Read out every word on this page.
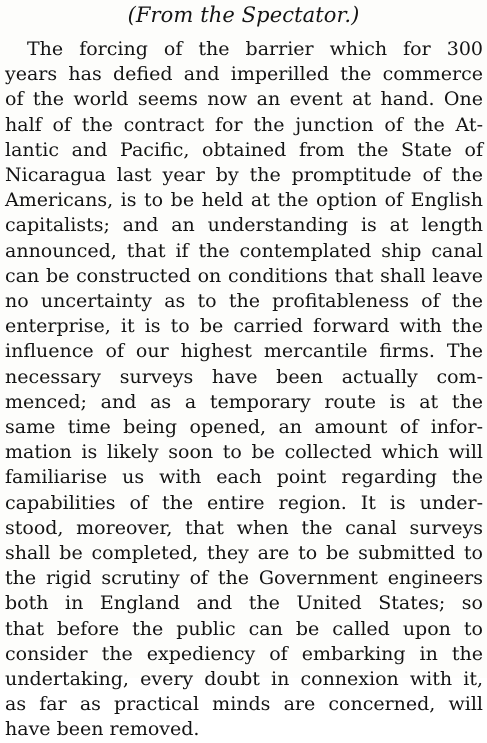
(From the Spectator.)
The forcing of the barrier which for 300
years has defied and imperilled the commerce
of the world seems now an event at hand. One
half of the contract for the junction of the At-
lantic and Pacific, obtained from the State of
Nicaragua last year by the promptitude of the
Americans, is to be held at the option of English
capitalists; and an understanding is at length
announced, that if the contemplated ship canal
can be constructed on conditions that shall leave
no uncertainty as to the profitableness of the
enterprise, it is to be carried forward with the
influence of our highest mercantile firms. The
necessary surveys have been actually com-
menced; and as a temporary route is at the
same time being opened, an amount of infor-
mation is likely soon to be collected which will
familiarise us with each point regarding the
capabilities of the entire region. It is under-
stood, moreover, that when the canal surveys
shall be completed, they are to be submitted to
the rigid scrutiny of the Government engineers
both in England and the United States; so
that before the public can be called upon to
consider the expediency of embarking in the
undertaking, every doubt in connexion with it,
as far as practical minds are concerned, will
have been removed.
